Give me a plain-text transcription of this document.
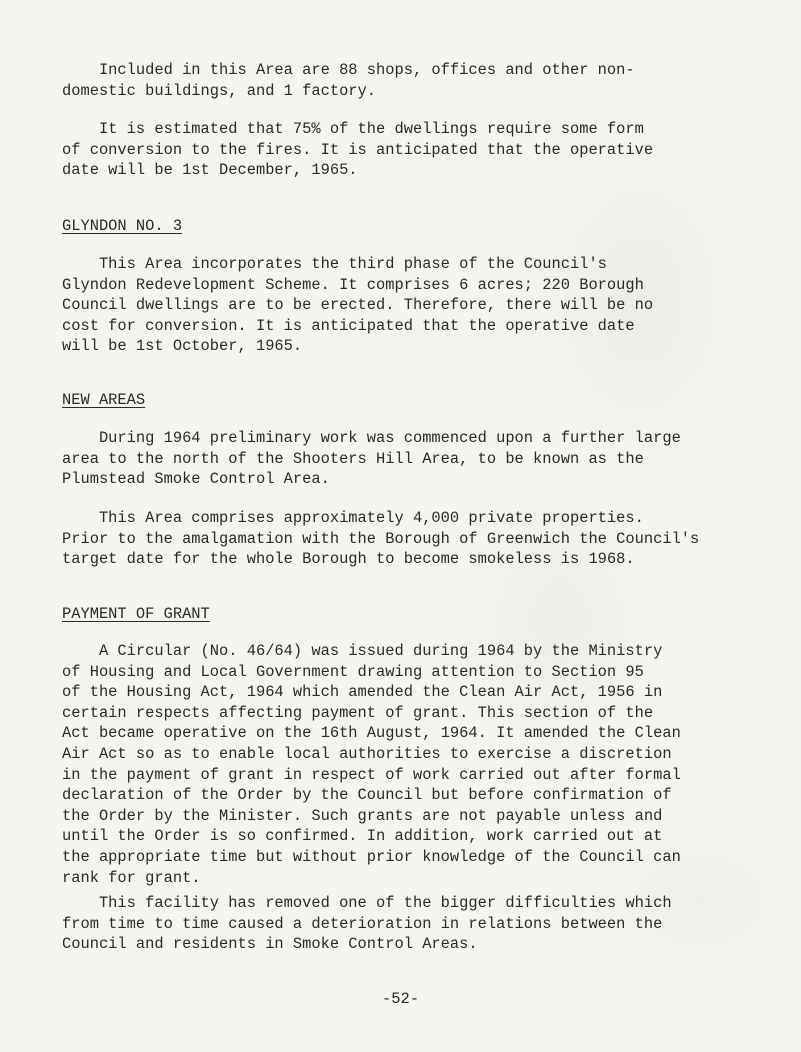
Included in this Area are 88 shops, offices and other non-
domestic buildings, and 1 factory.

It is estimated that 75% of the dwellings require some form
of conversion to the fires. It is anticipated that the operative
date will be 1st December, 1965.

GLYNDON NO. 3

This Area incorporates the third phase of the Council's
Glyndon Redevelopment Scheme. It comprises 6 acres; 220 Borough
Council dwellings are to be erected. Therefore, there will be no
cost for conversion. It is anticipated that the operative date
will be 1st October, 1965.

NEW AREAS

During 1964 preliminary work was commenced upon a further large
area to the north of the Shooters Hill Area, to be known as the
Plumstead Smoke Control Area.

This Area comprises approximately 4,000 private properties.
Prior to the amalgamation with the Borough of Greenwich the Council's
target date for the whole Borough to become smokeless is 1968.

PAYMENT OF GRANT

A Circular (No. 46/64) was issued during 1964 by the Ministry
of Housing and Local Government drawing attention to Section 95
of the Housing Act, 1964 which amended the Clean Air Act, 1956 in
certain respects affecting payment of grant. This section of the
Act became operative on the 16th August, 1964. It amended the Clean
Air Act so as to enable local authorities to exercise a discretion
in the payment of grant in respect of work carried out after formal
declaration of the Order by the Council but before confirmation of
the Order by the Minister. Such grants are not payable unless and
until the Order is so confirmed. In addition, work carried out at
the appropriate time but without prior knowledge of the Council can
rank for grant.

This facility has removed one of the bigger difficulties which
from time to time caused a deterioration in relations between the
Council and residents in Smoke Control Areas.

-52-
